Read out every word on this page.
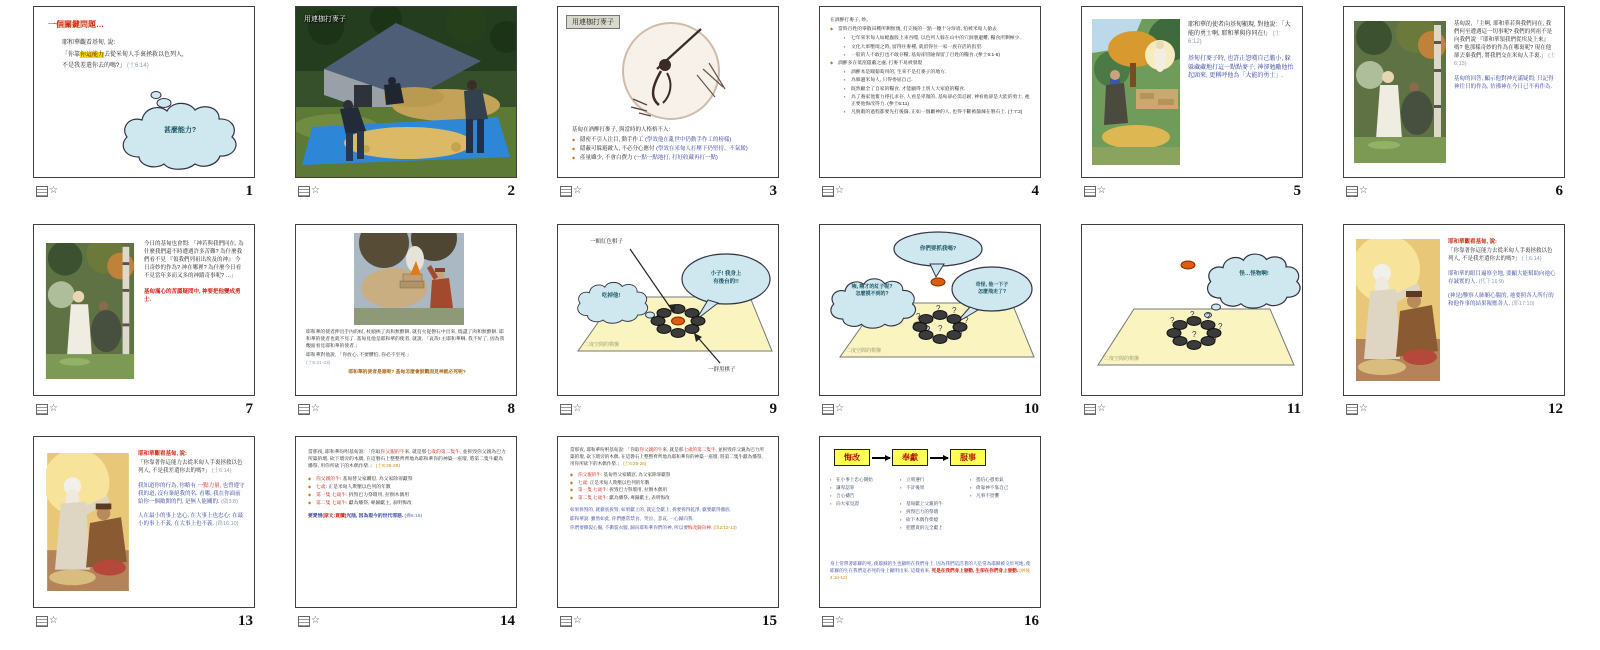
一個關鍵問題…
耶和華觀看基甸, 說:
「你靠你這能力去從米甸人手裏拯救以色列人,
不是我差遣你去的嗎?」 (士6:14)
甚麼能力?
☆	1
用連枷打麥子
☆	2
用連枷打麥子
基甸在酒醡打麥子, 與當時的人格格不入:
◆ 隱密不引人注目, 動手作工 (學效他在亂世中仍動手作工的榜樣)
◆ 隱蔽可躲避敵人, 不必分心應付 (學效在米甸人打壓下仍堅持、不氣餒)
◆ 產量雖少, 不會白費力 (一點一點地打, 打好收藏再打一點)
☆	3
在酒醡打麥子, 妙。
◆ 當時百姓的零散田穫所剩無幾, 打完後的一點一穗十分珍貴, 怕被米甸人搶去
▪ 七年來米甸人如蝗蟲般上來吞噬, 以色列人躲在山中的穴洞裏避難, 糧食所剩極少.
▪ 文化大軍壓境之時, 留得住麥種, 就留得住一家一族存活的指望.
▪ 一般的人不敢打也不敢存糧, 基甸卻冒險保留了百姓的糧食. (參士6:1-6)
◆ 酒醡多在低窪隱蔽之處, 打麥不易被發現
▪ 酒醡本是踹葡萄用的, 生來不是打麥子的地方.
▪ 為躲避米甸人, 只得委屈自己.
▪ 既然顧全了自家的糧食, 才能顧得上別人大家庭的糧食.
▪ 為了養家他奮力掙扎求存, 人看是卑微的, 基甸卻必需忍耐, 神看他卻是大能的勇士, 祂正要他悔改得力. (參士6:11)
▪ 凡脫穀的過程都要先打後篩, 正如一個屬神的人, 也得不斷被篩煉在磐石上. (士7:2)
☆	4

耶和華的使者向基甸顯現, 對他說: 「大能的勇士啊, 耶和華與你同在!」 (士6:12)

基甸打麥子時, 也許正怨嘆自己膽小, 躲躲藏藏地打這一點點麥子; 神卻勉勵他抬起頭來, 更稱呼他為「大能的勇士」.

☆	5

基甸說, 「主啊, 耶和華若與我們同在, 我們何至遭遇這一切事呢? 我們的列祖不是向我們說 『耶和華領我們從埃及上來』嗎? 他那樣奇妙的作為在哪裏呢? 現在他卻丟棄我們, 將我們交在米甸人手裏.」 (士6:13)

基甸的回答, 顯示他對神充滿疑問; 只記得神往日的作為, 彷彿神在今日已不再作為.

☆	6

今日的基甸也會問: 「神若與我們同在, 為什麼我們還不時遭遇許多苦難? 為什麼我們看不見 『領我們列祖出埃及的神』 今日奇妙的作為? 神在哪裡? 為什麼今日看不見當年多而又多的神蹟奇事呢? …」

基甸滿心的苦澀疑問中, 神要把他變成勇士.

☆	7

耶和華的使者伸出手內的杖, 杖頭挨了肉和無酵餅, 就有火從磐石中出來, 燒盡了肉和無酵餅. 耶和華的使者也就不見了. 基甸見他是耶和華的使者, 就說, 「哀哉! 主耶和華啊, 我不好了, 因為我覿面看見耶和華的使者.」

耶和華對他說, 「你放心, 不要懼怕, 你必不至死.」

(士6:21-23)

耶和華的使者是誰呢? 基甸怎麼會說覿面見神就必死呢?

☆	8
一顆紅色棋子
吃掉他!
小子! 我身上
有後台的!!
一群黑棋子
二度空間的棋盤
☆	9
? ?
?
?
?
?
你們要抓我嗎?
咦, 剛才的紅子呢?
怎麼摸不到的?
奇怪, 他一下子
怎麼飛走了?
二度空間的棋盤
☆	10
? ?
?
?
?
?
怪…怪物啊!
二度空間的棋盤
☆	11

耶和華觀看基甸, 說:

「你靠著你這能力去從米甸人手裏拯救以色列人, 不是我差遣你去的嗎?」 (士6:14)

耶和華的眼目遍察全地, 要顯大能幫助向祂心存誠實的人. (代下16:9)

(神是)鑒察人肺腑心腸的, 祂要照各人所行的和他作事的結果報應各人. (耶17:10)

☆	12

耶和華觀看基甸, 說:

「你靠著你這能力去從米甸人手裏拯救以色列人, 不是我差遣你去的嗎?」 (士6:14)

我知道你的行為, 你略有 一點力量, 也曾遵守我的道, 沒有棄絕我的名. 看哪, 我在你面前給你一個敞開的門, 是無人能關的. (啟3:8)

人在最小的事上忠心, 在大事上也忠心; 在最小的事上不義, 在大事上也不義. (路16:10)

☆	13

當那夜, 耶和華吩咐基甸說: 「你取你父親的牛來, 就是那七歲的第二隻牛, 並拆毀你父親為巴力所築的壇, 砍下壇旁的木偶, 在這磐石上整整齊齊地為耶和華你的神築一座壇, 將第二隻牛獻為燔祭, 用你所砍下的木偶作柴.」 (士6:25-26)

◆ 你父親的牛: 基甸替父家贖愆, 為父家除罪獻祭
◆ 七歲: 正是米甸人欺壓以色列的年數
◆ 第一隻 七歲牛: 拆毀巴力祭壇用, 拉倒木偶用
◆ 第二隻 七歲牛: 獻為燔祭, 專歸獻主, 表明悔改

要愛惜(原文:買贖)光陰, 因為現今的世代邪惡. (弗5:16)

☆	14

當那夜, 耶和華吩咐基甸說: 「你取你父親的牛來, 就是那七歲的第二隻牛, 並拆毀你父親為巴力所築的壇, 砍下壇旁的木偶, 在這磐石上整整齊齊地為耶和華你的神築一座壇, 將第二隻牛獻為燔祭, 用你所砍下的木偶作柴.」 (士6:25-26)

◆ 你父親的牛: 基甸替父家贖愆, 為父家除罪獻祭
◆ 七歲: 正是米甸人欺壓以色列的年數
◆ 第一隻 七歲牛: 拆毀巴力祭壇用, 拉倒木偶用
◆ 第二隻 七歲牛: 獻為燔祭, 專歸獻主, 表明悔改

如果拆毀的, 就徹底拆毀; 如果獻上的, 就完全獻上; 拆要拆得乾淨, 獻要獻得徹底.

耶和華說: 雖然如此, 你們應當禁食、哭泣、悲哀, 一心歸向我.

你們要撕裂心腸, 不撕裂衣服, 歸向耶和華你們的神, 所以要悔改歸向神. (珥2:12-13)

☆	15
悔改	奉獻	服事
▪ 在小事上忠心開始
▪ 謙卑認罪
▪ 合心禱告
▪ 向大家見證
▪ 立刻遵行
▪ 不計後果
▪ 基甸獻上父親的牛
▪ 拆毀巴力的祭壇
▪ 砍下木偶作柴燒
▪ 把寶貴的完全獻上
▪ 憑信心憑勇氣
▪ 倚靠神不靠自己
▪ 凡事不畏懼
身上常帶著耶穌的死, 使耶穌的生也顯明在我們身上. 因為我們這活著的人是常為耶穌被交於死地, 使耶穌的生在我們這必死的身上顯明出來. 這樣看來, 死是在我們身上發動, 生卻在你們身上發動. (林後4:10-12)
☆	16
